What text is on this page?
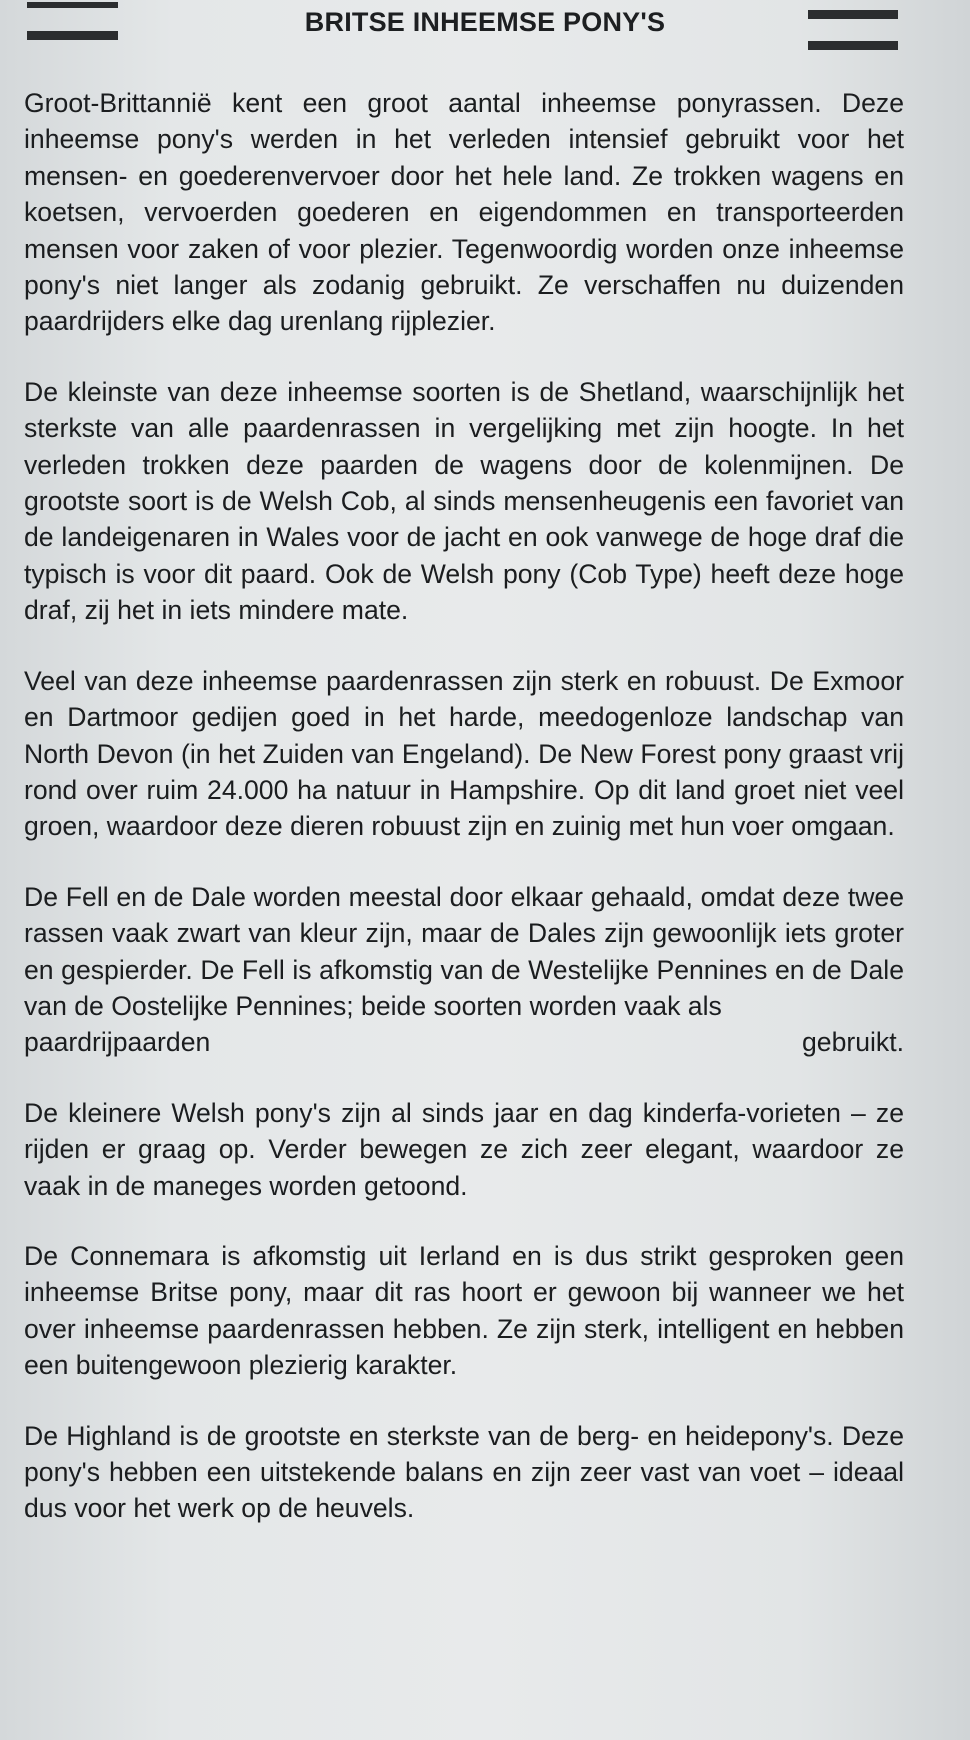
BRITSE INHEEMSE PONY'S

Groot-Brittannië kent een groot aantal inheemse ponyrassen. Deze inheemse pony's werden in het verleden intensief gebruikt voor het mensen- en goederenvervoer door het hele land. Ze trokken wagens en koetsen, vervoerden goederen en eigendommen en transporteerden mensen voor zaken of voor plezier. Tegenwoordig worden onze inheemse pony's niet langer als zodanig gebruikt. Ze verschaffen nu duizenden paardrijders elke dag urenlang rijplezier.

De kleinste van deze inheemse soorten is de Shetland, waarschijnlijk het sterkste van alle paardenrassen in vergelijking met zijn hoogte. In het verleden trokken deze paarden de wagens door de kolenmijnen. De grootste soort is de Welsh Cob, al sinds mensenheugenis een favoriet van de landeigenaren in Wales voor de jacht en ook vanwege de hoge draf die typisch is voor dit paard. Ook de Welsh pony (Cob Type) heeft deze hoge draf, zij het in iets mindere mate.

Veel van deze inheemse paardenrassen zijn sterk en robuust. De Exmoor en Dartmoor gedijen goed in het harde, meedogenloze landschap van North Devon (in het Zuiden van Engeland). De New Forest pony graast vrij rond over ruim 24.000 ha natuur in Hampshire. Op dit land groet niet veel groen, waardoor deze dieren robuust zijn en zuinig met hun voer omgaan.

De Fell en de Dale worden meestal door elkaar gehaald, omdat deze twee rassen vaak zwart van kleur zijn, maar de Dales zijn gewoonlijk iets groter en gespierder. De Fell is afkomstig van de Westelijke Pennines en de Dale van de Oostelijke Pennines; beide soorten worden vaak als
paardrijpaarden	gebruikt.

De kleinere Welsh pony's zijn al sinds jaar en dag kinderfa-vorieten – ze rijden er graag op. Verder bewegen ze zich zeer elegant, waardoor ze vaak in de maneges worden getoond.

De Connemara is afkomstig uit Ierland en is dus strikt gesproken geen inheemse Britse pony, maar dit ras hoort er gewoon bij wanneer we het over inheemse paardenrassen hebben. Ze zijn sterk, intelligent en hebben een buitengewoon plezierig karakter.

De Highland is de grootste en sterkste van de berg- en heidepony's. Deze pony's hebben een uitstekende balans en zijn zeer vast van voet – ideaal dus voor het werk op de heuvels.
